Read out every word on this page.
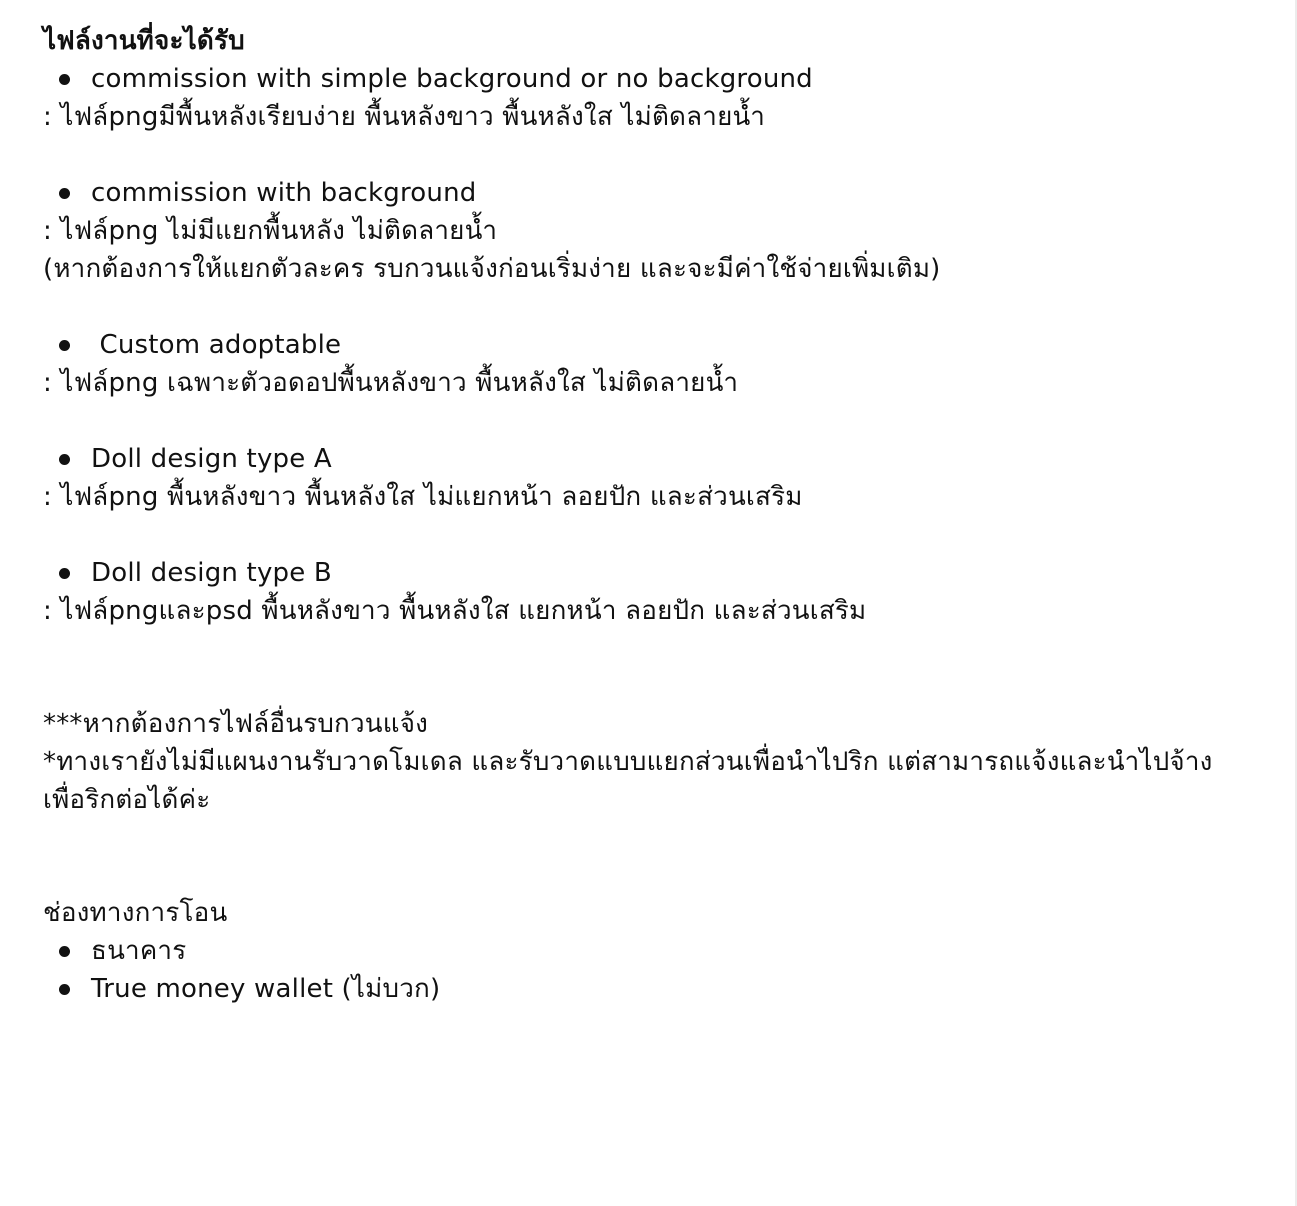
ไฟล์งานที่จะได้รับ

commission with simple background or no background

: ไฟล์pngมีพื้นหลังเรียบง่าย พื้นหลังขาว พื้นหลังใส ไม่ติดลายน้ำ

commission with background

: ไฟล์png ไม่มีแยกพื้นหลัง ไม่ติดลายน้ำ

(หากต้องการให้แยกตัวละคร รบกวนแจ้งก่อนเริ่มง่าย และจะมีค่าใช้จ่ายเพิ่มเติม)

Custom adoptable

: ไฟล์png เฉพาะตัวอดอปพื้นหลังขาว พื้นหลังใส ไม่ติดลายน้ำ

Doll design type A

: ไฟล์png พื้นหลังขาว พื้นหลังใส ไม่แยกหน้า ลอยปัก และส่วนเสริม

Doll design type B

: ไฟล์pngและpsd พื้นหลังขาว พื้นหลังใส แยกหน้า ลอยปัก และส่วนเสริม

***หากต้องการไฟล์อื่นรบกวนแจ้ง

*ทางเรายังไม่มีแผนงานรับวาดโมเดล และรับวาดแบบแยกส่วนเพื่อนำไปริก แต่สามารถแจ้งและนำไปจ้างเพื่อริกต่อได้ค่ะ

ช่องทางการโอน

ธนาคาร

True money wallet (ไม่บวก)
